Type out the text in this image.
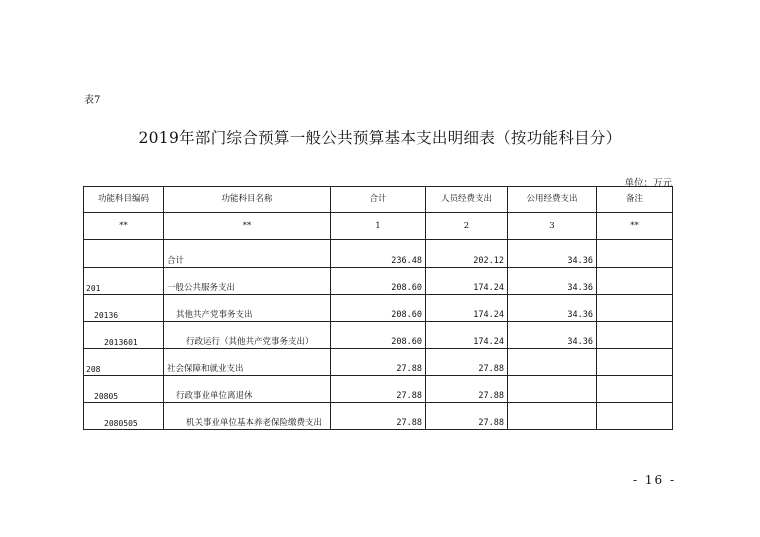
表7
2019年部门综合预算一般公共预算基本支出明细表（按功能科目分）
单位：万元
功能科目编码	功能科目名称	合计	人员经费支出	公用经费支出	备注
**	**	1	2	3	**
	合计	236.48	202.12	34.36	
201	一般公共服务支出	208.60	174.24	34.36	
20136	其他共产党事务支出	208.60	174.24	34.36	
2013601	行政运行（其他共产党事务支出）	208.60	174.24	34.36	
208	社会保障和就业支出	27.88	27.88		
20805	行政事业单位离退休	27.88	27.88		
2080505	机关事业单位基本养老保险缴费支出	27.88	27.88		
- 16 -
